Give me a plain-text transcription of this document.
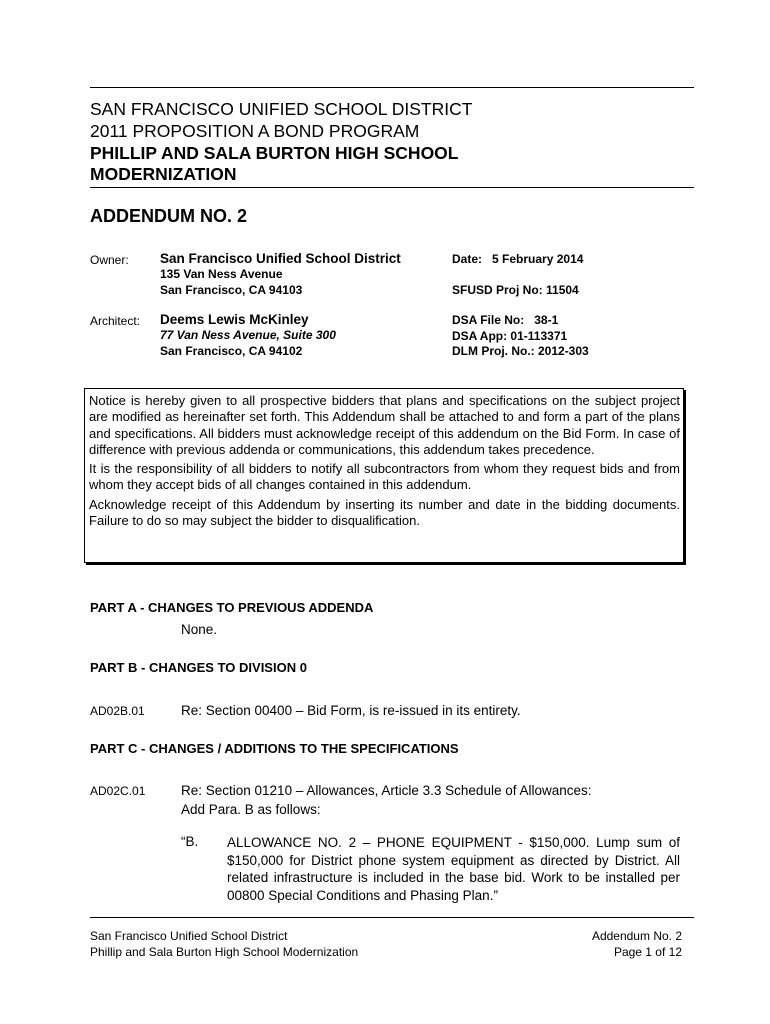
SAN FRANCISCO UNIFIED SCHOOL DISTRICT
2011 PROPOSITION A BOND PROGRAM
PHILLIP AND SALA BURTON HIGH SCHOOL
MODERNIZATION
ADDENDUM NO. 2
Owner: San Francisco Unified School District
135 Van Ness Avenue
San Francisco, CA 94103
Date: 5 February 2014
SFUSD Proj No: 11504
Architect: Deems Lewis McKinley
77 Van Ness Avenue, Suite 300
San Francisco, CA 94102
DSA File No:   38-1
DSA App: 01-113371
DLM Proj. No.: 2012-303

Notice is hereby given to all prospective bidders that plans and specifications on the subject project are modified as hereinafter set forth. This Addendum shall be attached to and form a part of the plans and specifications. All bidders must acknowledge receipt of this addendum on the Bid Form. In case of difference with previous addenda or communications, this addendum takes precedence.

It is the responsibility of all bidders to notify all subcontractors from whom they request bids and from whom they accept bids of all changes contained in this addendum.

Acknowledge receipt of this Addendum by inserting its number and date in the bidding documents. Failure to do so may subject the bidder to disqualification.

PART A - CHANGES TO PREVIOUS ADDENDA
None.
PART B - CHANGES TO DIVISION 0
AD02B.01	Re: Section 00400 – Bid Form, is re-issued in its entirety.
PART C - CHANGES / ADDITIONS TO THE SPECIFICATIONS
AD02C.01	Re: Section 01210 – Allowances, Article 3.3 Schedule of Allowances:
Add Para. B as follows:
“B. ALLOWANCE NO. 2 – PHONE EQUIPMENT - $150,000. Lump sum of $150,000 for District phone system equipment as directed by District. All related infrastructure is included in the base bid. Work to be installed per 00800 Special Conditions and Phasing Plan.”
San Francisco Unified School District
Phillip and Sala Burton High School Modernization
Addendum No. 2
Page 1 of 12
